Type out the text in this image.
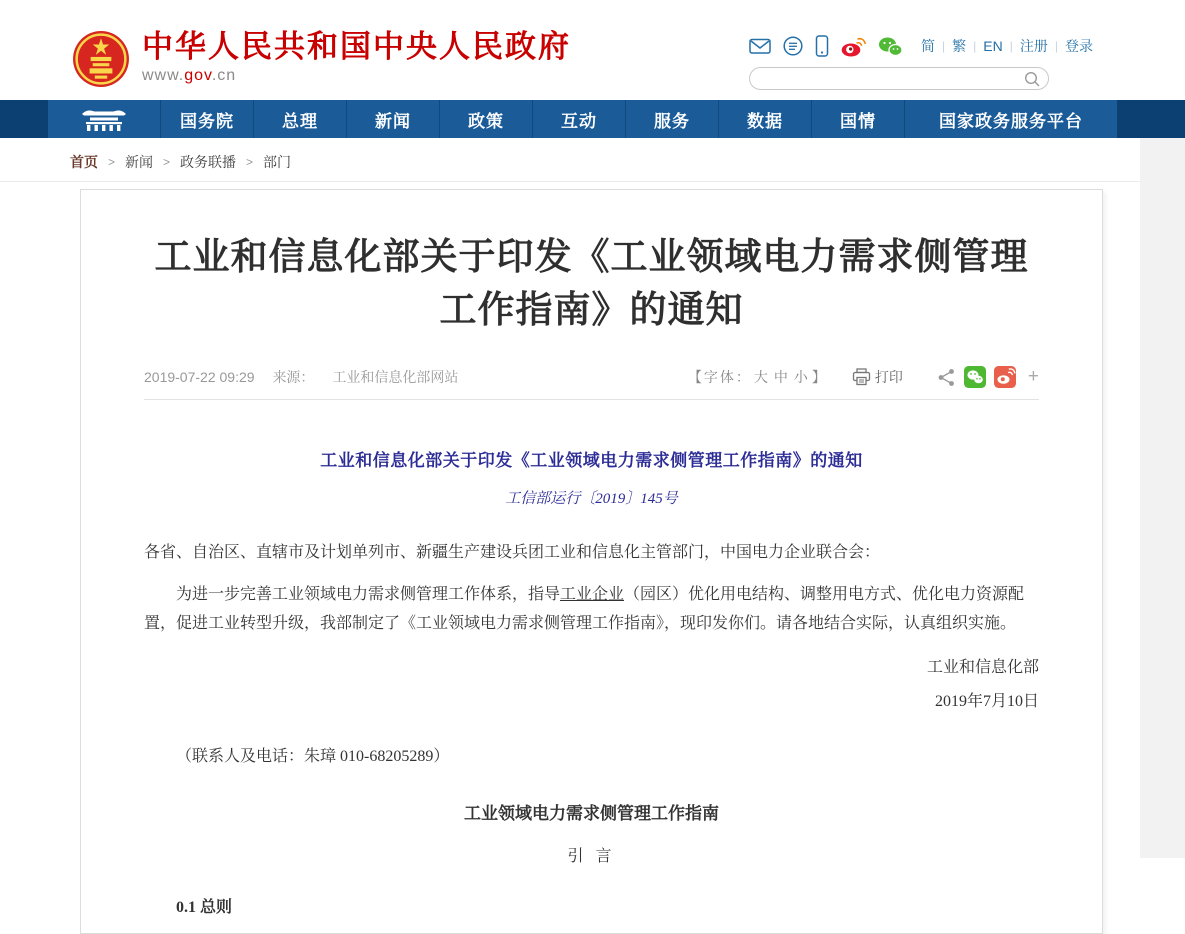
中华人民共和国中央人民政府
www.gov.cn
简 | 繁 | EN | 注册 | 登录
国务院	总理	新闻	政策	互动	服务	数据	国情	国家政务服务平台
首页 > 新闻 > 政务联播 > 部门
工业和信息化部关于印发《工业领域电力需求侧管理
工作指南》的通知
2019-07-22 09:29 来源： 工业和信息化部网站	【字体： 大 中 小 】	打印	+
工业和信息化部关于印发《工业领域电力需求侧管理工作指南》的通知
工信部运行〔2019〕145号

各省、自治区、直辖市及计划单列市、新疆生产建设兵团工业和信息化主管部门，中国电力企业联合会：

为进一步完善工业领域电力需求侧管理工作体系，指导工业企业（园区）优化用电结构、调整用电方式、优化电力资源配置，促进工业转型升级，我部制定了《工业领域电力需求侧管理工作指南》，现印发你们。请各地结合实际，认真组织实施。

工业和信息化部
2019年7月10日

（联系人及电话：朱璋 010-68205289）

工业领域电力需求侧管理工作指南
引 言

0.1 总则
